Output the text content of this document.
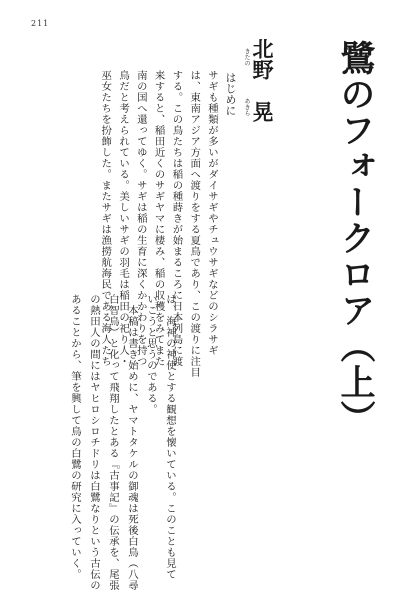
211
鷺のフォークロア（上）
北野　晃
きたの
あきら
はじめに
サギも種類が多いがダイサギやチュウサギなどのシラサギ
は、東南アジア方面へ渡りをする夏鳥であり、この渡りに注目
する。この鳥たちは稲の種蒔きが始まるころに日本列島に渡
来すると、稲田近くのサギヤマに棲み、稲の収穫をみてまた
南の国へ還ってゆく。サギは稲の生育に深くかかわりを持つ
鳥だと考えられている。美しいサギの羽毛は稲田の祀り人・
巫女たちを扮飾した。またサギは漁撈航海民である海人たち
は、海神の神使とする観想を懐いている。このことも見て
いこうと思うのである。
　本稿は書き始めに、ヤマトタケルの御魂は死後白鳥（八尋
白智鳥）と化って飛翔したとある『古事記』の伝承を、尾張
の熱田人の間にはヤヒロシロチドリは白鷺なりという古伝の
あることから、筆を興して鳥の白鷺の研究に入っていく。
